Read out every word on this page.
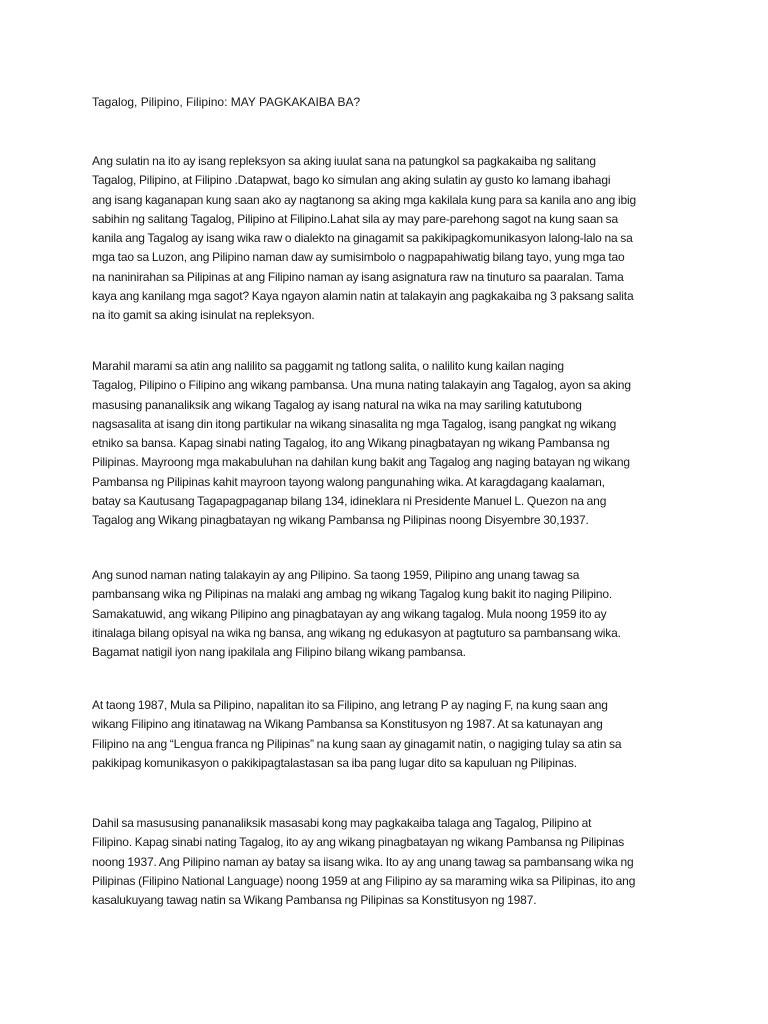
Tagalog, Pilipino, Filipino: MAY PAGKAKAIBA BA?

Ang sulatin na ito ay isang repleksyon sa aking iuulat sana na patungkol sa pagkakaiba ng salitang
Tagalog, Pilipino, at Filipino .Datapwat, bago ko simulan ang aking sulatin ay gusto ko lamang ibahagi
ang isang kaganapan kung saan ako ay nagtanong sa aking mga kakilala kung para sa kanila ano ang ibig
sabihin ng salitang Tagalog, Pilipino at Filipino.Lahat sila ay may pare-parehong sagot na kung saan sa
kanila ang Tagalog ay isang wika raw o dialekto na ginagamit sa pakikipagkomunikasyon lalong-lalo na sa
mga tao sa Luzon, ang Pilipino naman daw ay sumisimbolo o nagpapahiwatig bilang tayo, yung mga tao
na naninirahan sa Pilipinas at ang Filipino naman ay isang asignatura raw na tinuturo sa paaralan. Tama
kaya ang kanilang mga sagot? Kaya ngayon alamin natin at talakayin ang pagkakaiba ng 3 paksang salita
na ito gamit sa aking isinulat na repleksyon.

Marahil marami sa atin ang nalilito sa paggamit ng tatlong salita, o nalilito kung kailan naging
Tagalog, Pilipino o Filipino ang wikang pambansa. Una muna nating talakayin ang Tagalog, ayon sa aking
masusing pananaliksik ang wikang Tagalog ay isang natural na wika na may sariling katutubong
nagsasalita at isang din itong partikular na wikang sinasalita ng mga Tagalog, isang pangkat ng wikang
etniko sa bansa. Kapag sinabi nating Tagalog, ito ang Wikang pinagbatayan ng wikang Pambansa ng
Pilipinas. Mayroong mga makabuluhan na dahilan kung bakit ang Tagalog ang naging batayan ng wikang
Pambansa ng Pilipinas kahit mayroon tayong walong pangunahing wika. At karagdagang kaalaman,
batay sa Kautusang Tagapagpaganap bilang 134, idineklara ni Presidente Manuel L. Quezon na ang
Tagalog ang Wikang pinagbatayan ng wikang Pambansa ng Pilipinas noong Disyembre 30,1937.

Ang sunod naman nating talakayin ay ang Pilipino. Sa taong 1959, Pilipino ang unang tawag sa
pambansang wika ng Pilipinas na malaki ang ambag ng wikang Tagalog kung bakit ito naging Pilipino.
Samakatuwid, ang wikang Pilipino ang pinagbatayan ay ang wikang tagalog. Mula noong 1959 ito ay
itinalaga bilang opisyal na wika ng bansa, ang wikang ng edukasyon at pagtuturo sa pambansang wika.
Bagamat natigil iyon nang ipakilala ang Filipino bilang wikang pambansa.

At taong 1987, Mula sa Pilipino, napalitan ito sa Filipino, ang letrang P ay naging F, na kung saan ang
wikang Filipino ang itinatawag na Wikang Pambansa sa Konstitusyon ng 1987. At sa katunayan ang
Filipino na ang “Lengua franca ng Pilipinas” na kung saan ay ginagamit natin, o nagiging tulay sa atin sa
pakikipag komunikasyon o pakikipagtalastasan sa iba pang lugar dito sa kapuluan ng Pilipinas.

Dahil sa masususing pananaliksik masasabi kong may pagkakaiba talaga ang Tagalog, Pilipino at
Filipino. Kapag sinabi nating Tagalog, ito ay ang wikang pinagbatayan ng wikang Pambansa ng Pilipinas
noong 1937. Ang Pilipino naman ay batay sa iisang wika. Ito ay ang unang tawag sa pambansang wika ng
Pilipinas (Filipino National Language) noong 1959 at ang Filipino ay sa maraming wika sa Pilipinas, ito ang
kasalukuyang tawag natin sa Wikang Pambansa ng Pilipinas sa Konstitusyon ng 1987.
